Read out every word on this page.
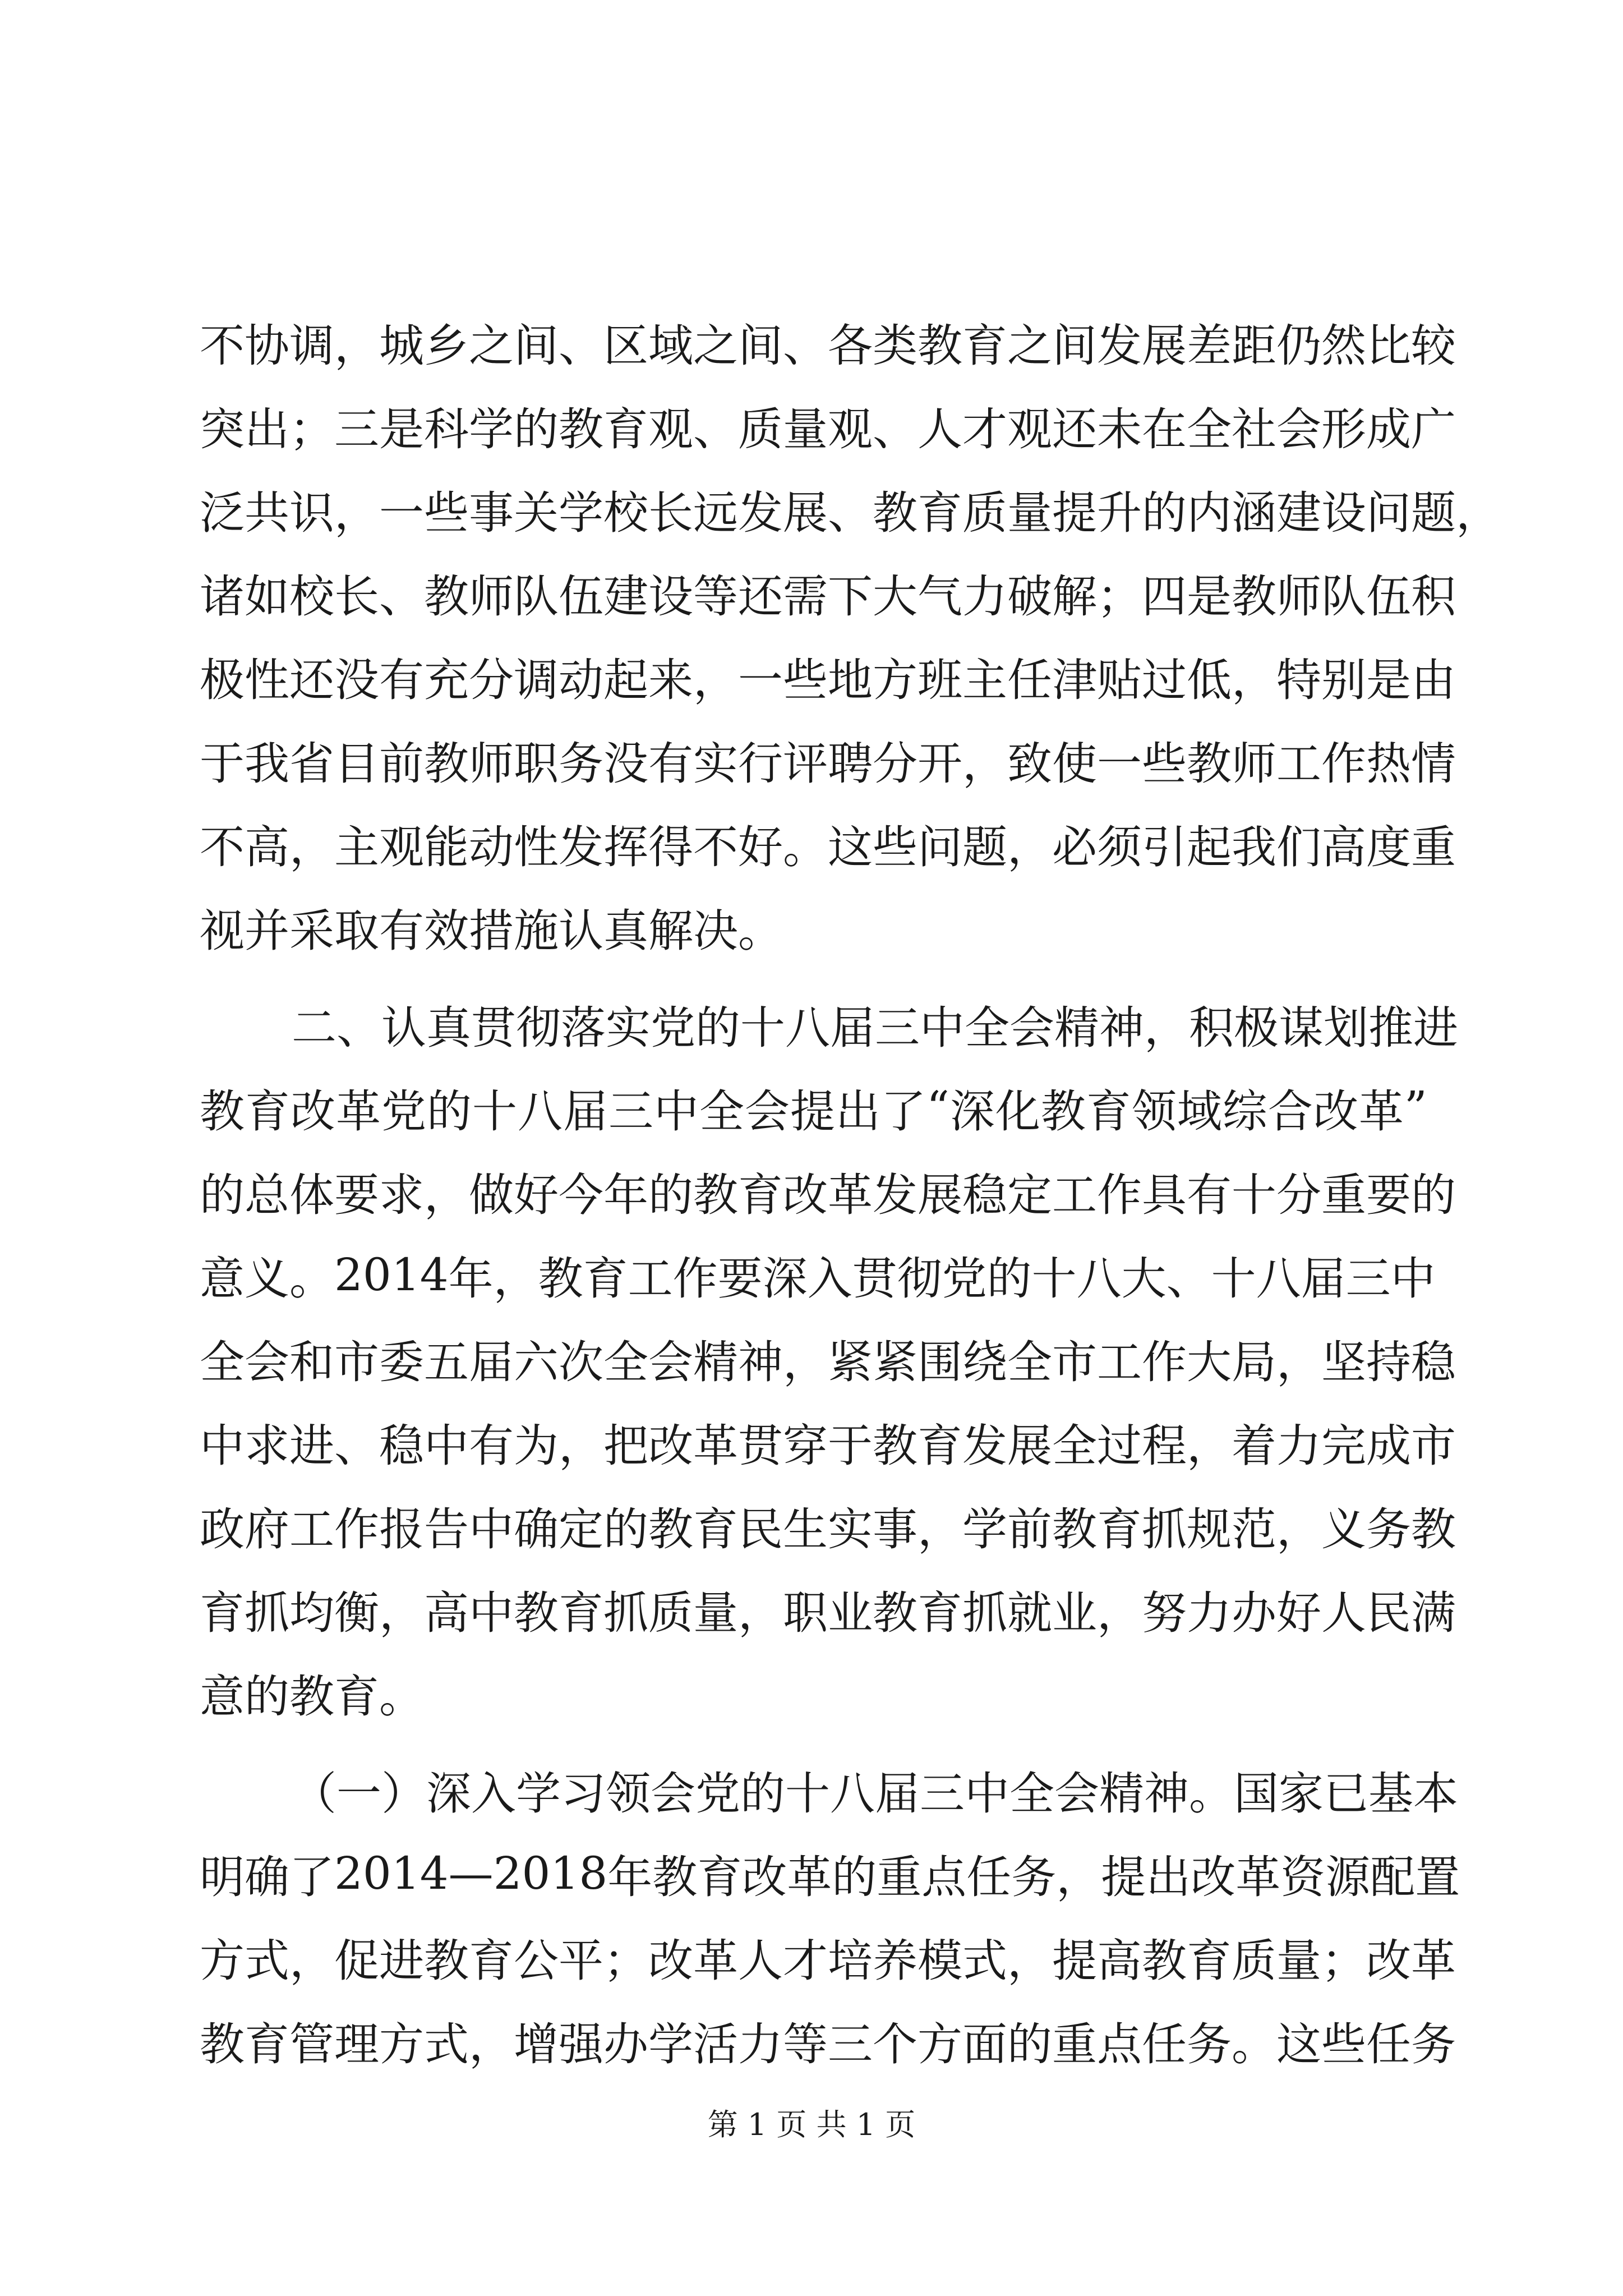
不 协 调 ， 城 乡 之 间 、 区 域 之 间 、 各 类 教 育 之 间 发 展 差 距 仍 然 比 较
突 出 ； 三 是 科 学 的 教 育 观 、 质 量 观 、 人 才 观 还 未 在 全 社 会 形 成 广
泛 共 识 ， 一 些 事 关 学 校 长 远 发 展 、 教 育 质 量 提 升 的 内 涵 建 设 问 题 ，
诸 如 校 长 、 教 师 队 伍 建 设 等 还 需 下 大 气 力 破 解 ； 四 是 教 师 队 伍 积
极 性 还 没 有 充 分 调 动 起 来 ， 一 些 地 方 班 主 任 津 贴 过 低 ， 特 别 是 由
于 我 省 目 前 教 师 职 务 没 有 实 行 评 聘 分 开 ， 致 使 一 些 教 师 工 作 热 情
不 高 ， 主 观 能 动 性 发 挥 得 不 好 。 这 些 问 题 ， 必 须 引 起 我 们 高 度 重
视并采取有效措施认真解决。
二、认真贯彻落实党的十八届三中全会精神，积极谋划推进
教 育 改 革 党 的 十 八 届 三 中 全 会 提 出 了 “ 深 化 教 育 领 域 综 合 改 革 ”
的 总 体 要 求 ， 做 好 今 年 的 教 育 改 革 发 展 稳 定 工 作 具 有 十 分 重 要 的
意 义 。 2 0 1 4 年 ， 教 育 工 作 要 深 入 贯 彻 党 的 十 八 大 、 十 八 届 三 中
全 会 和 市 委 五 届 六 次 全 会 精 神 ， 紧 紧 围 绕 全 市 工 作 大 局 ， 坚 持 稳
中 求 进 、 稳 中 有 为 ， 把 改 革 贯 穿 于 教 育 发 展 全 过 程 ， 着 力 完 成 市
政 府 工 作 报 告 中 确 定 的 教 育 民 生 实 事 ， 学 前 教 育 抓 规 范 ， 义 务 教
育 抓 均 衡 ， 高 中 教 育 抓 质 量 ， 职 业 教 育 抓 就 业 ， 努 力 办 好 人 民 满
意的教育。
（一）深入学习领会党的十八届三中全会精神。国家已基本
明 确 了 2 0 1 4 — 2 0 1 8 年 教 育 改 革 的 重 点 任 务 ， 提 出 改 革 资 源 配 置
方 式 ， 促 进 教 育 公 平 ； 改 革 人 才 培 养 模 式 ， 提 高 教 育 质 量 ； 改 革
教 育 管 理 方 式 ， 增 强 办 学 活 力 等 三 个 方 面 的 重 点 任 务 。 这 些 任 务
第 1 页 共 1 页
